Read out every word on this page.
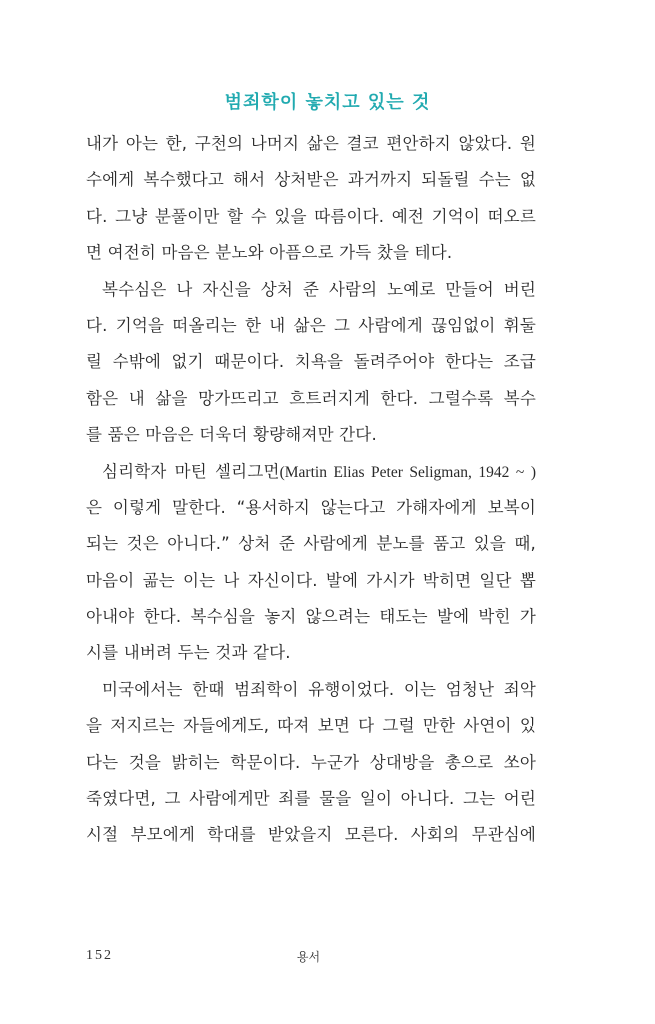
범죄학이 놓치고 있는 것
내가 아는 한, 구천의 나머지 삶은 결코 편안하지 않았다. 원
수에게 복수했다고 해서 상처받은 과거까지 되돌릴 수는 없
다. 그냥 분풀이만 할 수 있을 따름이다. 예전 기억이 떠오르
면 여전히 마음은 분노와 아픔으로 가득 찼을 테다.
복수심은 나 자신을 상처 준 사람의 노예로 만들어 버린
다. 기억을 떠올리는 한 내 삶은 그 사람에게 끊임없이 휘둘
릴 수밖에 없기 때문이다. 치욕을 돌려주어야 한다는 조급
함은 내 삶을 망가뜨리고 흐트러지게 한다. 그럴수록 복수
를 품은 마음은 더욱더 황량해져만 간다.
심리학자 마틴 셀리그먼(Martin Elias Peter Seligman, 1942 ~ )
은 이렇게 말한다. “용서하지 않는다고 가해자에게 보복이
되는 것은 아니다.” 상처 준 사람에게 분노를 품고 있을 때,
마음이 곪는 이는 나 자신이다. 발에 가시가 박히면 일단 뽑
아내야 한다. 복수심을 놓지 않으려는 태도는 발에 박힌 가
시를 내버려 두는 것과 같다.
미국에서는 한때 범죄학이 유행이었다. 이는 엄청난 죄악
을 저지르는 자들에게도, 따져 보면 다 그럴 만한 사연이 있
다는 것을 밝히는 학문이다. 누군가 상대방을 총으로 쏘아
죽였다면, 그 사람에게만 죄를 물을 일이 아니다. 그는 어린
시절 부모에게 학대를 받았을지 모른다. 사회의 무관심에
152	용서
